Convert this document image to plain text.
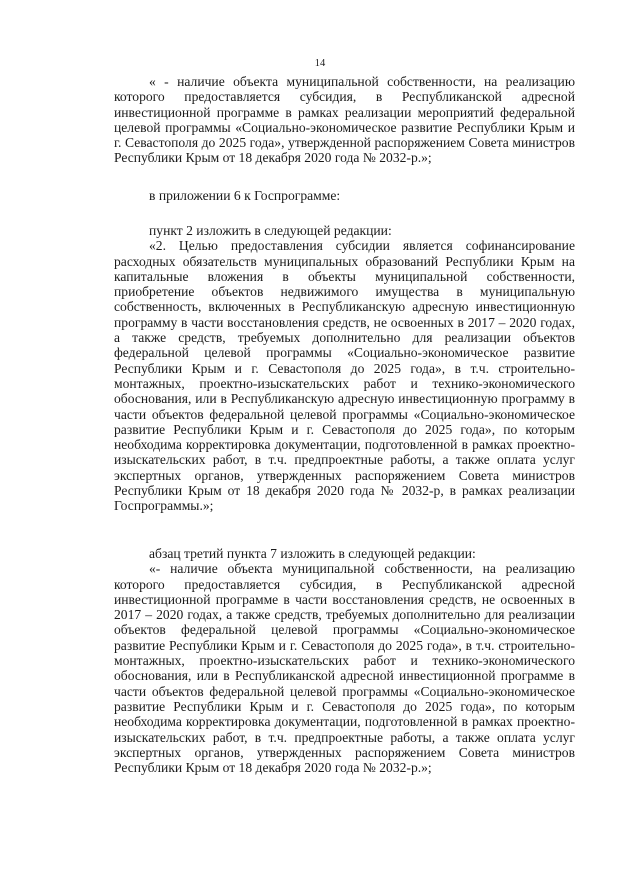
14

« - наличие объекта муниципальной собственности, на реализацию которого предоставляется субсидия, в Республиканской адресной инвестиционной программе в рамках реализации мероприятий федеральной целевой программы «Социально-экономическое развитие Республики Крым и г. Севастополя до 2025 года», утвержденной распоряжением Совета министров Республики Крым от 18 декабря 2020 года № 2032-р.»;

в приложении 6 к Госпрограмме:

пункт 2 изложить в следующей редакции:

«2. Целью предоставления субсидии является софинансирование расходных обязательств муниципальных образований Республики Крым на капитальные вложения в объекты муниципальной собственности, приобретение объектов недвижимого имущества в муниципальную собственность, включенных в Республиканскую адресную инвестиционную программу в части восстановления средств, не освоенных в 2017 – 2020 годах, а также средств, требуемых дополнительно для реализации объектов федеральной целевой программы «Социально-экономическое развитие Республики Крым и г. Севастополя до 2025 года», в т.ч. строительно-монтажных, проектно-изыскательских работ и технико-экономического обоснования, или в Республиканскую адресную инвестиционную программу в части объектов федеральной целевой программы «Социально-экономическое развитие Республики Крым и г. Севастополя до 2025 года», по которым необходима корректировка документации, подготовленной в рамках проектно-изыскательских работ, в т.ч. предпроектные работы, а также оплата услуг экспертных органов, утвержденных распоряжением Совета министров Республики Крым от 18 декабря 2020 года № 2032-р, в рамках реализации Госпрограммы.»;

абзац третий пункта 7 изложить в следующей редакции:

«- наличие объекта муниципальной собственности, на реализацию которого предоставляется субсидия, в Республиканской адресной инвестиционной программе в части восстановления средств, не освоенных в 2017 – 2020 годах, а также средств, требуемых дополнительно для реализации объектов федеральной целевой программы «Социально-экономическое развитие Республики Крым и г. Севастополя до 2025 года», в т.ч. строительно-монтажных, проектно-изыскательских работ и технико-экономического обоснования, или в Республиканской адресной инвестиционной программе в части объектов федеральной целевой программы «Социально-экономическое развитие Республики Крым и г. Севастополя до 2025 года», по которым необходима корректировка документации, подготовленной в рамках проектно-изыскательских работ, в т.ч. предпроектные работы, а также оплата услуг экспертных органов, утвержденных распоряжением Совета министров Республики Крым от 18 декабря 2020 года № 2032-р.»;
